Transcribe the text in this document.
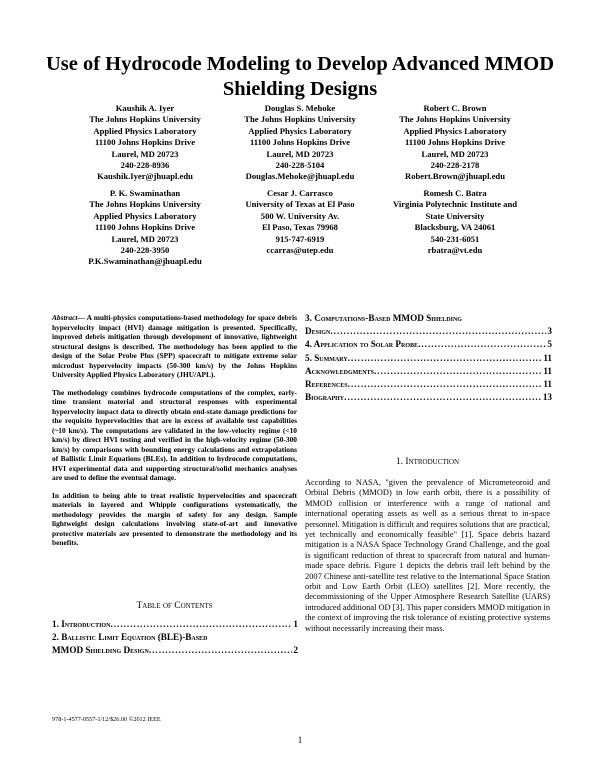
Use of Hydrocode Modeling to Develop Advanced MMOD Shielding Designs
Kaushik A. Iyer
The Johns Hopkins University
Applied Physics Laboratory
11100 Johns Hopkins Drive
Laurel, MD 20723
240-228-8936
Kaushik.Iyer@jhuapl.edu
Douglas S. Mehoke
The Johns Hopkins University
Applied Physics Laboratory
11100 Johns Hopkins Drive
Laurel, MD 20723
240-228-5104
Douglas.Mehoke@jhuapl.edu
Robert C. Brown
The Johns Hopkins University
Applied Physics Laboratory
11100 Johns Hopkins Drive
Laurel, MD 20723
240-228-2178
Robert.Brown@jhuapl.edu
P. K. Swaminathan
The Johns Hopkins University
Applied Physics Laboratory
11100 Johns Hopkins Drive
Laurel, MD 20723
240-228-3950
P.K.Swaminathan@jhuapl.edu
Cesar J. Carrasco
University of Texas at El Paso
500 W. University Av.
El Paso, Texas 79968
915-747-6919
ccarras@utep.edu
Romesh C. Batra
Virginia Polytechnic Institute and
State University
Blacksburg, VA 24061
540-231-6051
rbatra@vt.edu

Abstract— A multi-physics computations-based methodology for space debris hypervelocity impact (HVI) damage mitigation is presented. Specifically, improved debris mitigation through development of innovative, lightweight structural designs is described. The methodology has been applied to the design of the Solar Probe Plus (SPP) spacecraft to mitigate extreme solar microdust hypervelocity impacts (50-300 km/s) by the Johns Hopkins University Applied Physics Laboratory (JHU/APL).

The methodology combines hydrocode computations of the complex, early-time transient material and structural responses with experimental hypervelocity impact data to directly obtain end-state damage predictions for the requisite hypervelocities that are in excess of available test capabilities (~10 km/s). The computations are validated in the low-velocity regime (<10 km/s) by direct HVI testing and verified in the high-velocity regime (50-300 km/s) by comparisons with bounding energy calculations and extrapolations of Ballistic Limit Equations (BLEs). In addition to hydrocode computations, HVI experimental data and supporting structural/solid mechanics analyses are used to define the eventual damage.

In addition to being able to treat realistic hypervelocities and spacecraft materials in layered and Whipple configurations systematically, the methodology provides the margin of safety for any design. Sample lightweight design calculations involving state-of-art and innovative protective materials are presented to demonstrate the methodology and its benefits.

Table of Contents
1. Introduction .....	1
2. Ballistic Limit Equation (BLE)-Based
MMOD Shielding Design .....	2
3. Computations-Based MMOD Shielding
Design .....	3
4. Application to Solar Probe .....	5
5. Summary .....	11
Acknowledgments .....	11
References .....	11
Biography .....	13
1. Introduction

According to NASA, "given the prevalence of Micrometeoroid and Orbital Debris (MMOD) in low earth orbit, there is a possibility of MMOD collision or interference with a range of national and international operating assets as well as a serious threat to in-space personnel. Mitigation is difficult and requires solutions that are practical, yet technically and economically feasible" [1]. Space debris hazard mitigation is a NASA Space Technology Grand Challenge, and the goal is significant reduction of threat to spacecraft from natural and human-made space debris. Figure 1 depicts the debris trail left behind by the 2007 Chinese anti-satellite test relative to the International Space Station orbit and Low Earth Orbit (LEO) satellites [2]. More recently, the decommissioning of the Upper Atmosphere Research Satellite (UARS) introduced additional OD [3]. This paper considers MMOD mitigation in the context of improving the risk tolerance of existing protective systems without necessarily increasing their mass.

978-1-4577-0557-1/12/$26.00 ©2012 IEEE
1
